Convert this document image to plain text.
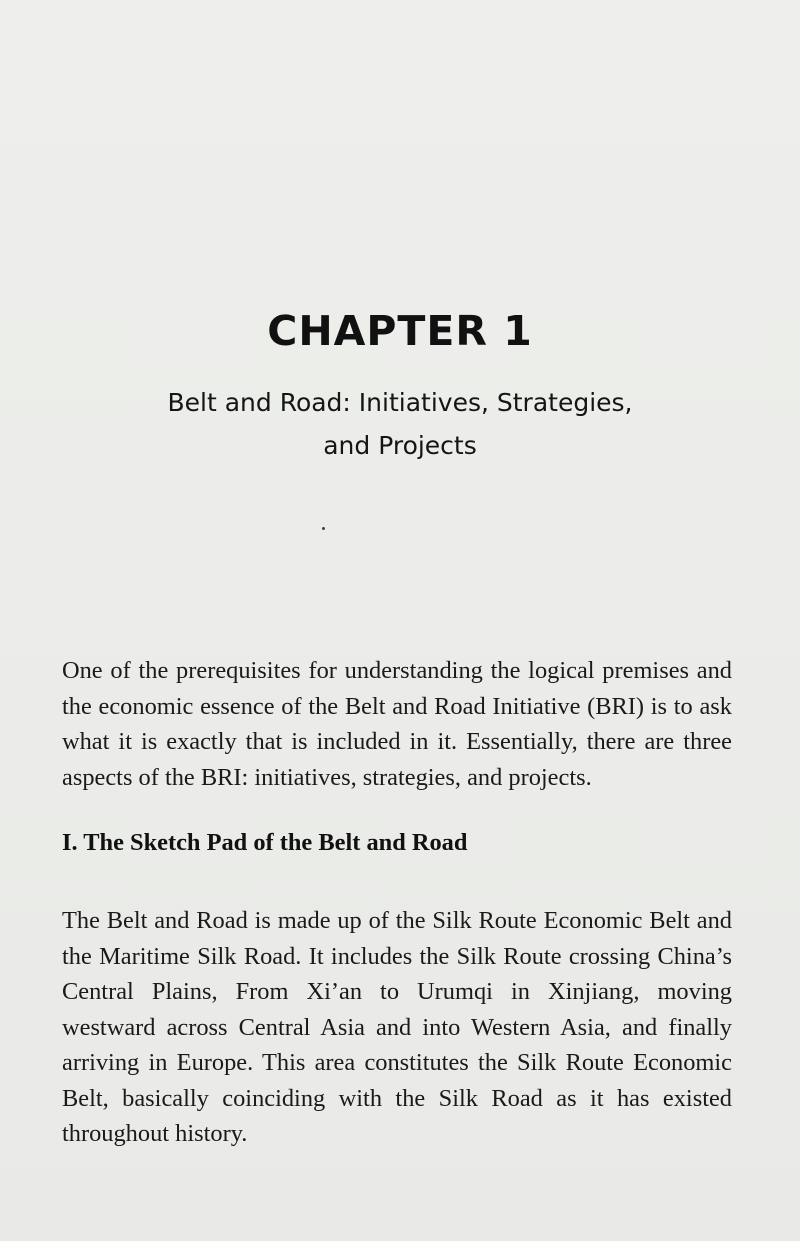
CHAPTER 1
Belt and Road: Initiatives, Strategies,
and Projects

One of the prerequisites for understanding the logical premises and the economic essence of the Belt and Road Initiative (BRI) is to ask what it is exactly that is included in it. Essentially, there are three aspects of the BRI: initiatives, strategies, and projects.

I. The Sketch Pad of the Belt and Road

The Belt and Road is made up of the Silk Route Economic Belt and the Maritime Silk Road. It includes the Silk Route crossing China’s Central Plains, From Xi’an to Urumqi in Xinjiang, moving westward across Central Asia and into Western Asia, and finally arriving in Europe. This area constitutes the Silk Route Economic Belt, basically coinciding with the Silk Road as it has existed throughout history.
